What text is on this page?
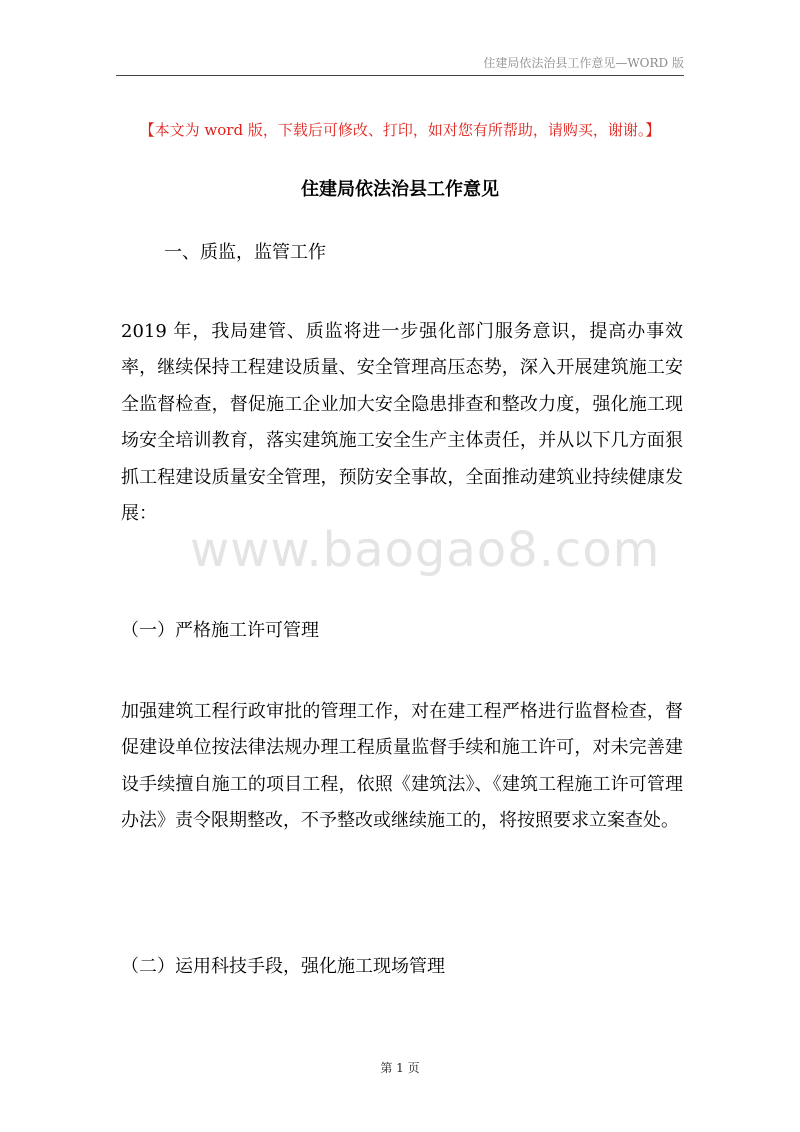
住建局依法治县工作意见—WORD 版
【本文为 word 版，下载后可修改、打印，如对您有所帮助，请购买，谢谢。】
住建局依法治县工作意见
一、质监，监管工作
2019 年，我局建管、质监将进一步强化部门服务意识，提高办事效率，继续保持工程建设质量、安全管理高压态势，深入开展建筑施工安全监督检查，督促施工企业加大安全隐患排查和整改力度，强化施工现场安全培训教育，落实建筑施工安全生产主体责任，并从以下几方面狠抓工程建设质量安全管理，预防安全事故，全面推动建筑业持续健康发展：
（一）严格施工许可管理
加强建筑工程行政审批的管理工作，对在建工程严格进行监督检查，督促建设单位按法律法规办理工程质量监督手续和施工许可，对未完善建设手续擅自施工的项目工程，依照《建筑法》、《建筑工程施工许可管理办法》责令限期整改，不予整改或继续施工的，将按照要求立案查处。
（二）运用科技手段，强化施工现场管理
www.baogao8.com
第 1 页
